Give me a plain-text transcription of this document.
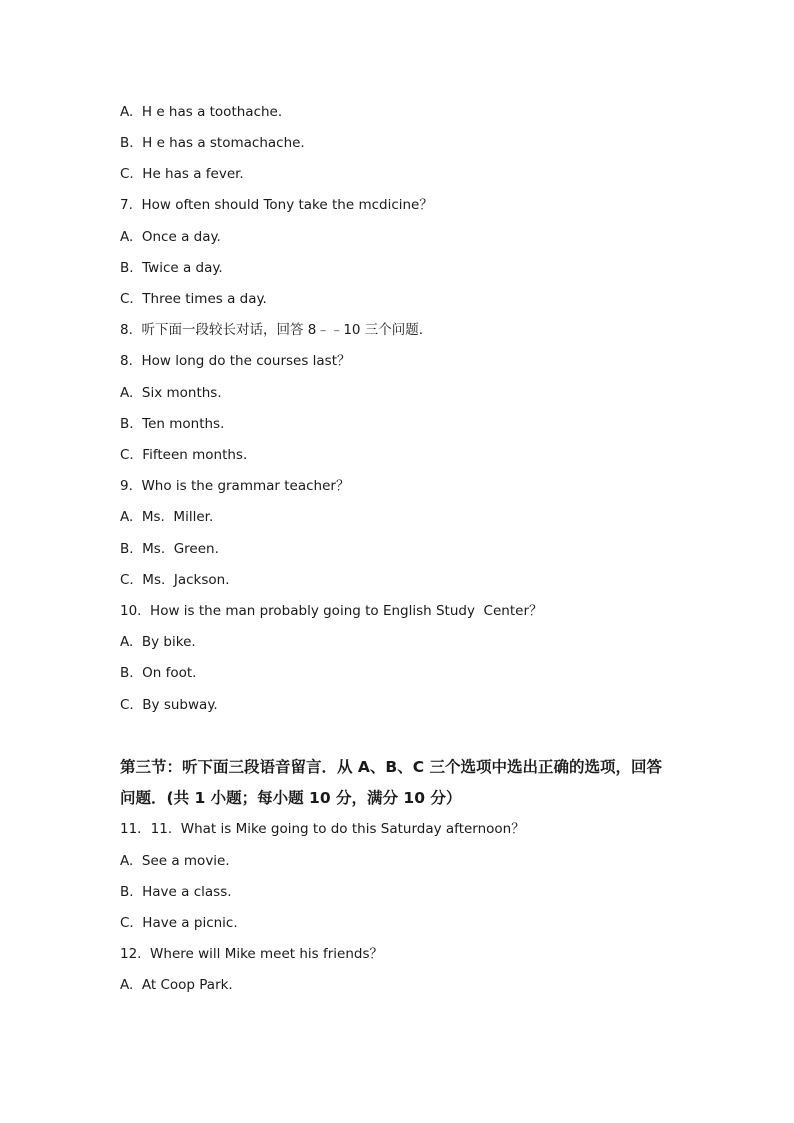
A.  H e has a toothache.
B.  H e has a stomachache.
C.  He has a fever.
7.  How often should Tony take the mcdicine？
A.  Once a day.
B.  Twice a day.
C.  Three times a day.
8.  听下面一段较长对话，回答 8﹣﹣10 三个问题.
8.  How long do the courses last？
A.  Six months.
B.  Ten months.
C.  Fifteen months.
9.  Who is the grammar teacher？
A.  Ms.  Miller.
B.  Ms.  Green.
C.  Ms.  Jackson.
10.  How is the man probably going to English Study  Center？
A.  By bike.
B.  On foot.
C.  By subway.
第三节：听下面三段语音留言．从 A、B、C 三个选项中选出正确的选项，回答
问题．(共 1 小题；每小题 10 分，满分 10 分）
11．11.  What is Mike going to do this Saturday afternoon？
A.  See a movie.
B.  Have a class.
C.  Have a picnic.
12.  Where will Mike meet his friends？
A.  At Coop Park.
